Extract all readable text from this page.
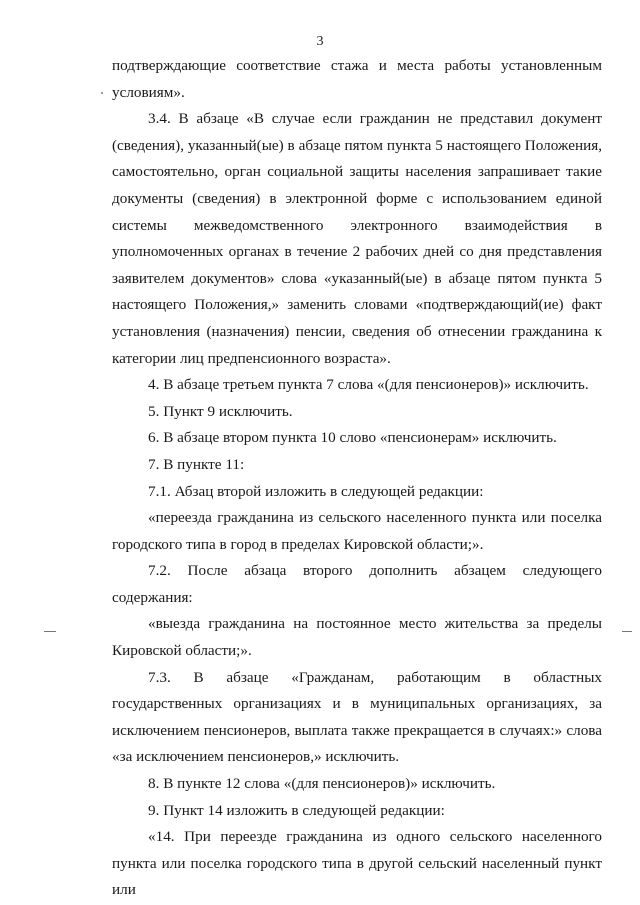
3

подтверждающие соответствие стажа и места работы установленным условиям».

3.4. В абзаце «В случае если гражданин не представил документ (сведения), указанный(ые) в абзаце пятом пункта 5 настоящего Положения, самостоятельно, орган социальной защиты населения запрашивает такие документы (сведения) в электронной форме с использованием единой системы межведомственного электронного взаимодействия в уполномоченных органах в течение 2 рабочих дней со дня представления заявителем документов» слова «указанный(ые) в абзаце пятом пункта 5 настоящего Положения,» заменить словами «подтверждающий(ие) факт установления (назначения) пенсии, сведения об отнесении гражданина к категории лиц предпенсионного возраста».

4. В абзаце третьем пункта 7 слова «(для пенсионеров)» исключить.

5. Пункт 9 исключить.

6. В абзаце втором пункта 10 слово «пенсионерам» исключить.

7. В пункте 11:

7.1. Абзац второй изложить в следующей редакции:

«переезда гражданина из сельского населенного пункта или поселка городского типа в город в пределах Кировской области;».

7.2. После абзаца второго дополнить абзацем следующего содержания:

«выезда гражданина на постоянное место жительства за пределы Кировской области;».

7.3. В абзаце «Гражданам, работающим в областных государственных организациях и в муниципальных организациях, за исключением пенсионеров, выплата также прекращается в случаях:» слова «за исключением пенсионеров,» исключить.

8. В пункте 12 слова «(для пенсионеров)» исключить.

9. Пункт 14 изложить в следующей редакции:

«14. При переезде гражданина из одного сельского населенного пункта или поселка городского типа в другой сельский населенный пункт или
